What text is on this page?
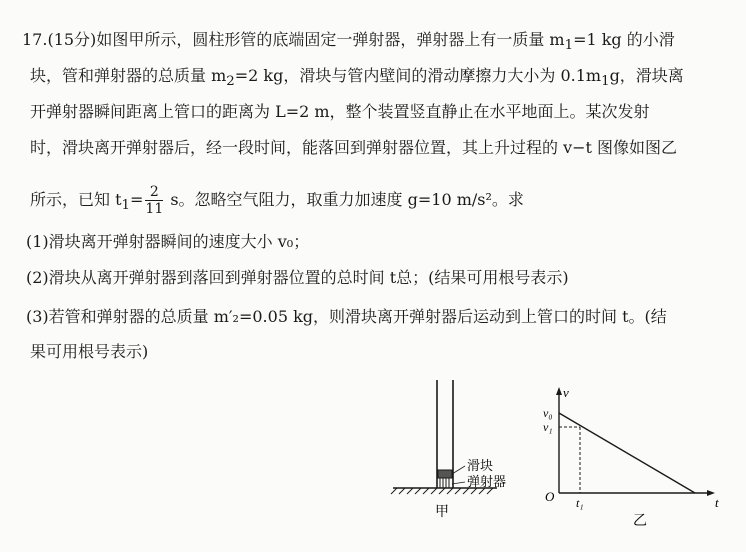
17.(15分)如图甲所示，圆柱形管的底端固定一弹射器，弹射器上有一质量 $m_1=1$ kg 的小滑
块，管和弹射器的总质量 $m_2=2$ kg，滑块与管内壁间的滑动摩擦力大小为 $0.1m_1g$，滑块离
开弹射器瞬间距离上管口的距离为 L=2 m，整个装置竖直静止在水平地面上。某次发射
时，滑块离开弹射器后，经一段时间，能落回到弹射器位置，其上升过程的 v−t 图像如图乙
所示，已知 $t_1= \frac{2}{11}$ s。忽略空气阻力，取重力加速度 g=10 m/s²。求
(1)滑块离开弹射器瞬间的速度大小 v₀；
(2)滑块从离开弹射器到落回到弹射器位置的总时间 t总；(结果可用根号表示)
(3)若管和弹射器的总质量 m′₂=0.05 kg，则滑块离开弹射器后运动到上管口的时间 t。(结
果可用根号表示)
滑块
弹射器
甲
v
v₀
v₁
O t₁	t
乙
